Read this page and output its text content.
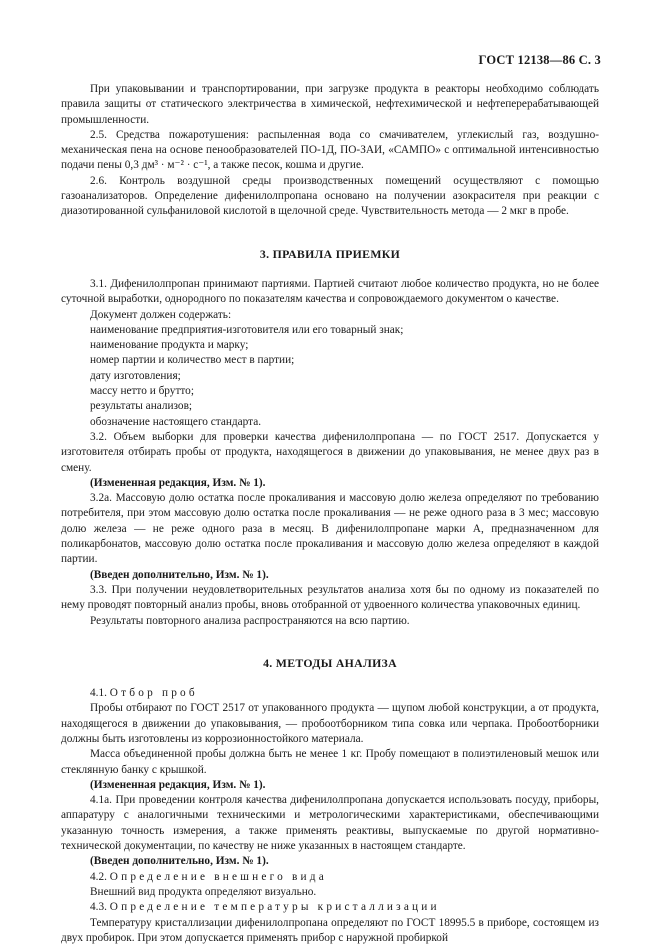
ГОСТ 12138—86 С. 3

При упаковывании и транспортировании, при загрузке продукта в реакторы необходимо соблюдать правила защиты от статического электричества в химической, нефтехимической и нефтеперерабатывающей промышленности.

2.5. Средства пожаротушения: распыленная вода со смачивателем, углекислый газ, воздушно-механическая пена на основе пенообразователей ПО-1Д, ПО-ЗАИ, «САМПО» с оптимальной интенсивностью подачи пены 0,3 дм³ · м⁻² · с⁻¹, а также песок, кошма и другие.

2.6. Контроль воздушной среды производственных помещений осуществляют с помощью газоанализаторов. Определение дифенилолпропана основано на получении азокрасителя при реакции с диазотированной сульфаниловой кислотой в щелочной среде. Чувствительность метода — 2 мкг в пробе.

3. ПРАВИЛА ПРИЕМКИ

3.1. Дифенилолпропан принимают партиями. Партией считают любое количество продукта, но не более суточной выработки, однородного по показателям качества и сопровождаемого документом о качестве.

Документ должен содержать:

наименование предприятия-изготовителя или его товарный знак;

наименование продукта и марку;

номер партии и количество мест в партии;

дату изготовления;

массу нетто и брутто;

результаты анализов;

обозначение настоящего стандарта.

3.2. Объем выборки для проверки качества дифенилолпропана — по ГОСТ 2517. Допускается у изготовителя отбирать пробы от продукта, находящегося в движении до упаковывания, не менее двух раз в смену.

(Измененная редакция, Изм. № 1).

3.2а. Массовую долю остатка после прокаливания и массовую долю железа определяют по требованию потребителя, при этом массовую долю остатка после прокаливания — не реже одного раза в 3 мес; массовую долю железа — не реже одного раза в месяц. В дифенилолпропане марки А, предназначенном для поликарбонатов, массовую долю остатка после прокаливания и массовую долю железа определяют в каждой партии.

(Введен дополнительно, Изм. № 1).

3.3. При получении неудовлетворительных результатов анализа хотя бы по одному из показателей по нему проводят повторный анализ пробы, вновь отобранной от удвоенного количества упаковочных единиц.

Результаты повторного анализа распространяются на всю партию.

4. МЕТОДЫ АНАЛИЗА

4.1. Отбор проб

Пробы отбирают по ГОСТ 2517 от упакованного продукта — щупом любой конструкции, а от продукта, находящегося в движении до упаковывания, — пробоотборником типа совка или черпака. Пробоотборники должны быть изготовлены из коррозионностойкого материала.

Масса объединенной пробы должна быть не менее 1 кг. Пробу помещают в полиэтиленовый мешок или стеклянную банку с крышкой.

(Измененная редакция, Изм. № 1).

4.1а. При проведении контроля качества дифенилолпропана допускается использовать посуду, приборы, аппаратуру с аналогичными техническими и метрологическими характеристиками, обеспечивающими указанную точность измерения, а также применять реактивы, выпускаемые по другой нормативно-технической документации, по качеству не ниже указанных в настоящем стандарте.

(Введен дополнительно, Изм. № 1).

4.2. Определение внешнего вида

Внешний вид продукта определяют визуально.

4.3. Определение температуры кристаллизации

Температуру кристаллизации дифенилолпропана определяют по ГОСТ 18995.5 в приборе, состоящем из двух пробирок. При этом допускается применять прибор с наружной пробиркой
